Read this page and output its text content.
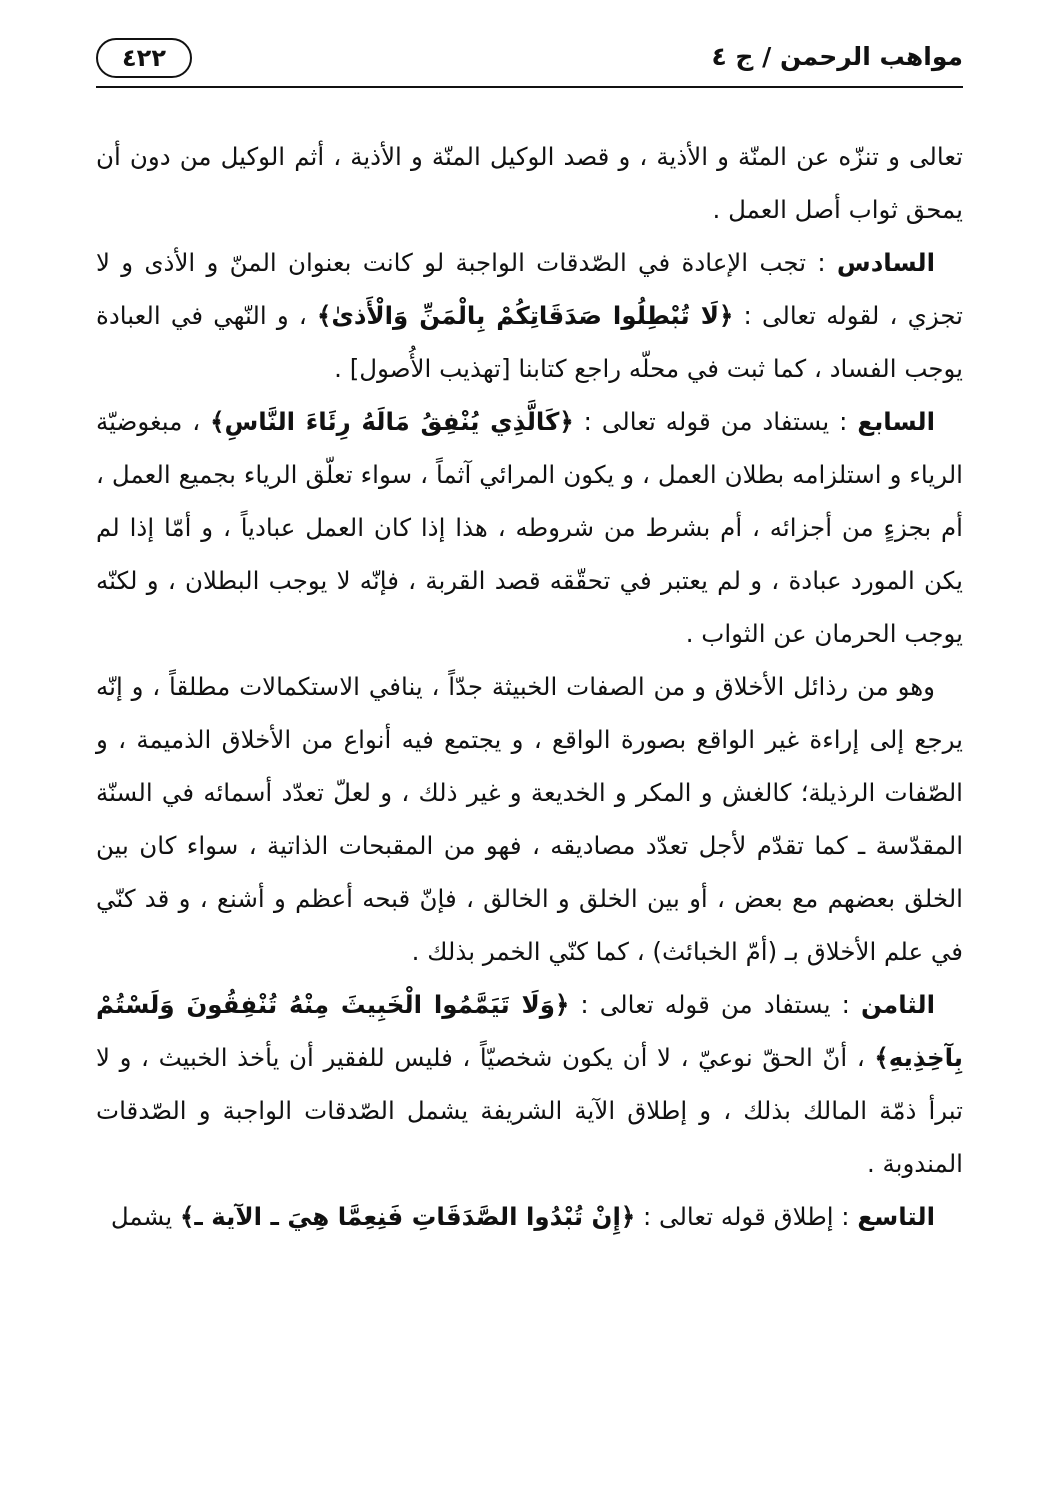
مواهب الرحمن / ج ٤
٤٢٢

تعالى و تنزّه عن المنّة و الأذية ، و قصد الوكيل المنّة و الأذية ، أثم الوكيل من دون أن يمحق ثواب أصل العمل .

السادس : تجب الإعادة في الصّدقات الواجبة لو كانت بعنوان المنّ و الأذى و لا تجزي ، لقوله تعالى : ﴿لَا تُبْطِلُوا صَدَقَاتِكُمْ بِالْمَنِّ وَالْأَذىٰ﴾ ، و النّهي في العبادة يوجب الفساد ، كما ثبت في محلّه راجع كتابنا [تهذيب الأُصول] .

السابع : يستفاد من قوله تعالى : ﴿كَالَّذِي يُنْفِقُ مَالَهُ رِئَاءَ النَّاسِ﴾ ، مبغوضيّة الرياء و استلزامه بطلان العمل ، و يكون المرائي آثماً ، سواء تعلّق الرياء بجميع العمل ، أم بجزءٍ من أجزائه ، أم بشرط من شروطه ، هذا إذا كان العمل عبادياً ، و أمّا إذا لم يكن المورد عبادة ، و لم يعتبر في تحقّقه قصد القربة ، فإنّه لا يوجب البطلان ، و لكنّه يوجب الحرمان عن الثواب .

وهو من رذائل الأخلاق و من الصفات الخبيثة جدّاً ، ينافي الاستكمالات مطلقاً ، و إنّه يرجع إلى إراءة غير الواقع بصورة الواقع ، و يجتمع فيه أنواع من الأخلاق الذميمة ، و الصّفات الرذيلة؛ كالغش و المكر و الخديعة و غير ذلك ، و لعلّ تعدّد أسمائه في السنّة المقدّسة ـ كما تقدّم لأجل تعدّد مصاديقه ، فهو من المقبحات الذاتية ، سواء كان بين الخلق بعضهم مع بعض ، أو بين الخلق و الخالق ، فإنّ قبحه أعظم و أشنع ، و قد كنّي في علم الأخلاق بـ (أمّ الخبائث) ، كما كنّي الخمر بذلك .

الثامن : يستفاد من قوله تعالى : ﴿وَلَا تَيَمَّمُوا الْخَبِيثَ مِنْهُ تُنْفِقُونَ وَلَسْتُمْ بِآخِذِيهِ﴾ ، أنّ الحقّ نوعيّ ، لا أن يكون شخصيّاً ، فليس للفقير أن يأخذ الخبيث ، و لا تبرأ ذمّة المالك بذلك ، و إطلاق الآية الشريفة يشمل الصّدقات الواجبة و الصّدقات المندوبة .

التاسع : إطلاق قوله تعالى : ﴿إِنْ تُبْدُوا الصَّدَقَاتِ فَنِعِمَّا هِيَ ـ الآية ـ﴾ يشمل
